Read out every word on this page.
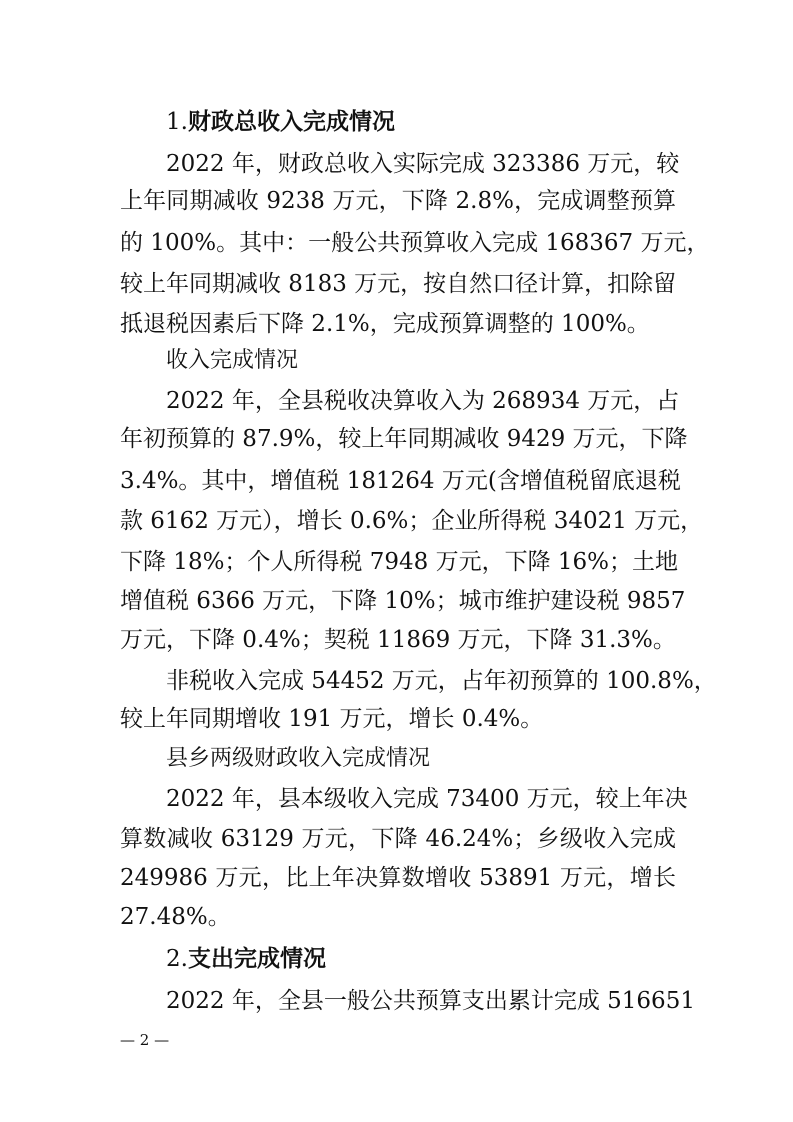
1.财政总收入完成情况
2022 年，财政总收入实际完成 323386 万元，较
上年同期减收 9238 万元，下降 2.8%，完成调整预算
的 100%。其中：一般公共预算收入完成 168367 万元，
较上年同期减收 8183 万元，按自然口径计算，扣除留
抵退税因素后下降 2.1%，完成预算调整的 100%。
收入完成情况
2022 年，全县税收决算收入为 268934 万元，占
年初预算的 87.9%，较上年同期减收 9429 万元，下降
3.4%。其中，增值税 181264 万元(含增值税留底退税
款 6162 万元），增长 0.6%；企业所得税 34021 万元，
下降 18%；个人所得税 7948 万元，下降 16%；土地
增值税 6366 万元，下降 10%；城市维护建设税 9857
万元，下降 0.4%；契税 11869 万元，下降 31.3%。
非税收入完成 54452 万元，占年初预算的 100.8%，
较上年同期增收 191 万元，增长 0.4%。
县乡两级财政收入完成情况
2022 年，县本级收入完成 73400 万元，较上年决
算数减收 63129 万元，下降 46.24%；乡级收入完成
249986 万元，比上年决算数增收 53891 万元，增长
27.48%。
2.支出完成情况
2022 年，全县一般公共预算支出累计完成 516651
— 2 —
